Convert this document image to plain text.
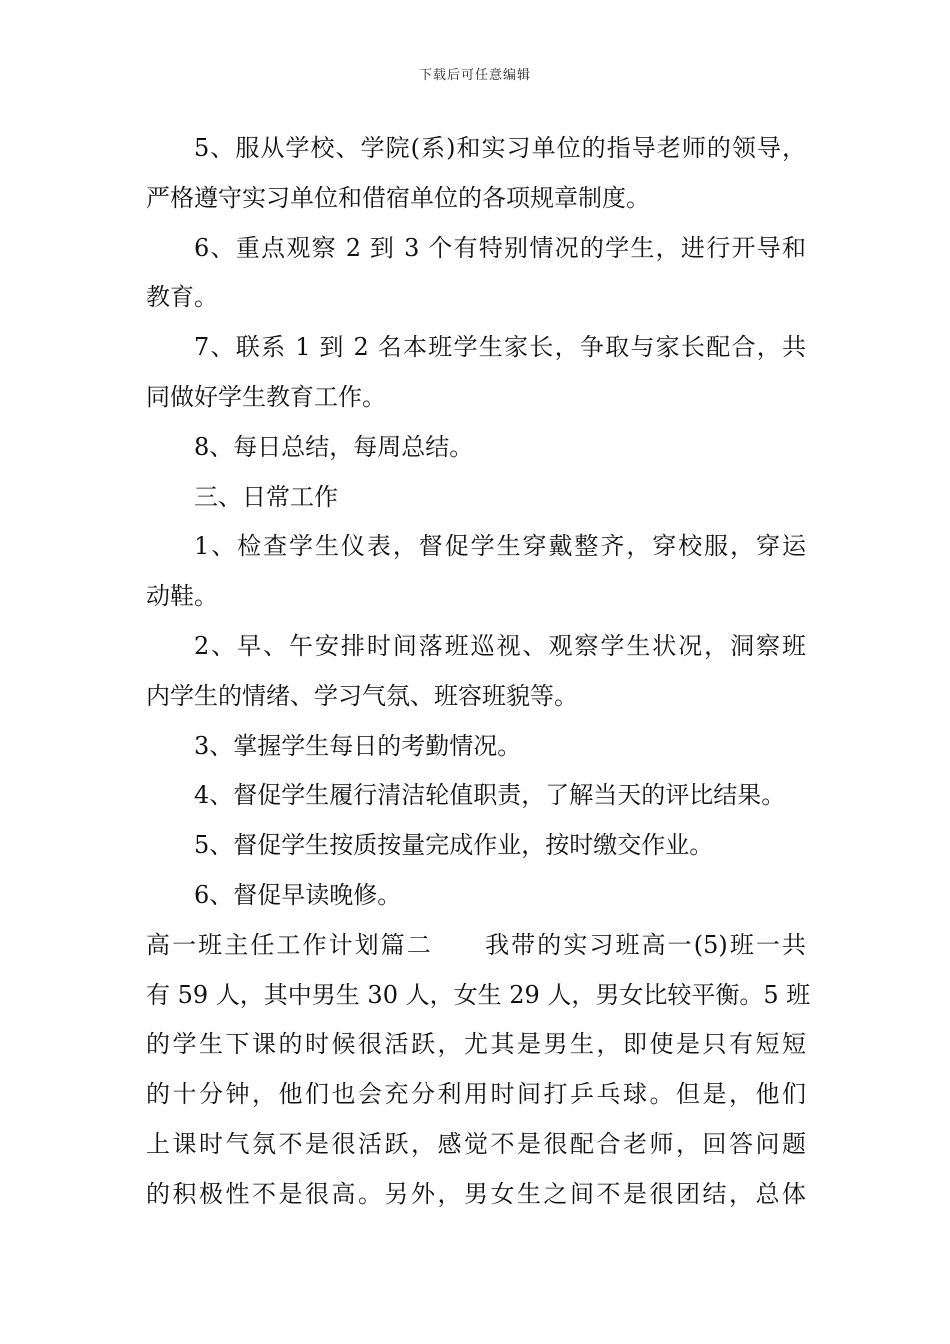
下载后可任意编辑
5、服从学校、学院(系)和实习单位的指导老师的领导，
严格遵守实习单位和借宿单位的各项规章制度。
6、重点观察 2 到 3 个有特别情况的学生，进行开导和
教育。
7、联系 1 到 2 名本班学生家长，争取与家长配合，共
同做好学生教育工作。
8、每日总结，每周总结。
三、日常工作
1、检查学生仪表，督促学生穿戴整齐，穿校服，穿运
动鞋。
2、早、午安排时间落班巡视、观察学生状况，洞察班
内学生的情绪、学习气氛、班容班貌等。
3、掌握学生每日的考勤情况。
4、督促学生履行清洁轮值职责，了解当天的评比结果。
5、督促学生按质按量完成作业，按时缴交作业。
6、督促早读晚修。
高一班主任工作计划篇二　　我带的实习班高一(5)班一共
有 59 人，其中男生 30 人，女生 29 人，男女比较平衡。5 班
的学生下课的时候很活跃，尤其是男生，即使是只有短短
的十分钟，他们也会充分利用时间打乒乓球。但是，他们
上课时气氛不是很活跃，感觉不是很配合老师，回答问题
的积极性不是很高。另外，男女生之间不是很团结，总体
